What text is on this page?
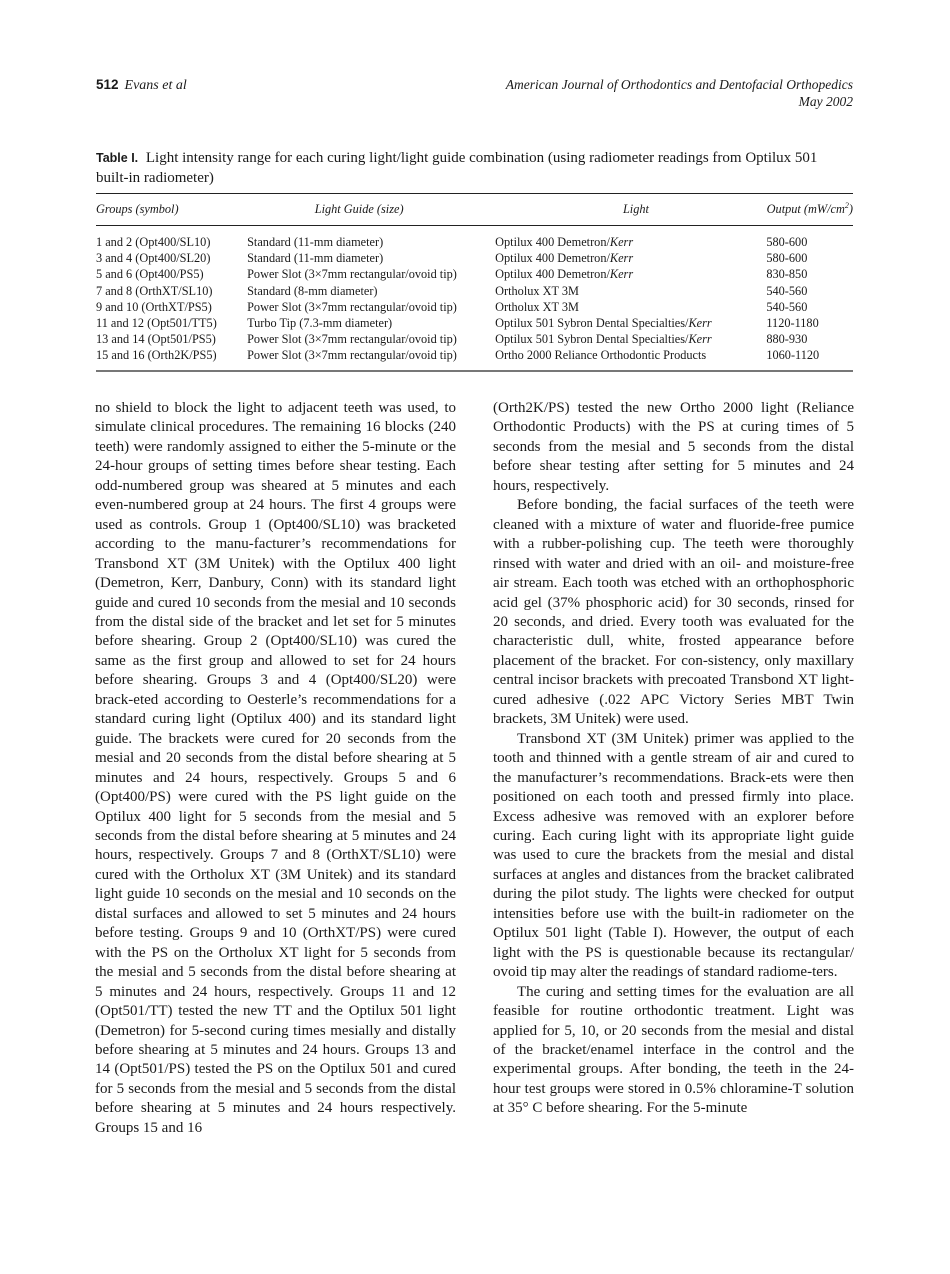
512 Evans et al	American Journal of Orthodontics and Dentofacial Orthopedics
May 2002
Table I. Light intensity range for each curing light/light guide combination (using radiometer readings from Optilux 501 built-in radiometer)
Groups (symbol)	Light Guide (size)	Light	Output $(mW/cm^2)$

1 and 2 (Opt400/SL10)	Standard (11-mm diameter)	Optilux 400 Demetron/Kerr	580-600
3 and 4 (Opt400/SL20)	Standard (11-mm diameter)	Optilux 400 Demetron/Kerr	580-600
5 and 6 (Opt400/PS5)	Power Slot (3×7mm rectangular/ovoid tip)	Optilux 400 Demetron/Kerr	830-850
7 and 8 (OrthXT/SL10)	Standard (8-mm diameter)	Ortholux XT 3M	540-560
9 and 10 (OrthXT/PS5)	Power Slot (3×7mm rectangular/ovoid tip)	Ortholux XT 3M	540-560
11 and 12 (Opt501/TT5)	Turbo Tip (7.3-mm diameter)	Optilux 501 Sybron Dental Specialties/Kerr	1120-1180
13 and 14 (Opt501/PS5)	Power Slot (3×7mm rectangular/ovoid tip)	Optilux 501 Sybron Dental Specialties/Kerr	880-930
15 and 16 (Orth2K/PS5)	Power Slot (3×7mm rectangular/ovoid tip)	Ortho 2000 Reliance Orthodontic Products	1060-1120

no shield to block the light to adjacent teeth was used, to simulate clinical procedures. The remaining 16 blocks (240 teeth) were randomly assigned to either the 5-minute or the 24-hour groups of setting times before shear testing. Each odd-numbered group was sheared at 5 minutes and each even-numbered group at 24 hours. The first 4 groups were used as controls. Group 1 (Opt400/SL10) was bracketed according to the manu-facturer’s recommendations for Transbond XT (3M Unitek) with the Optilux 400 light (Demetron, Kerr, Danbury, Conn) with its standard light guide and cured 10 seconds from the mesial and 10 seconds from the distal side of the bracket and let set for 5 minutes before shearing. Group 2 (Opt400/SL10) was cured the same as the first group and allowed to set for 24 hours before shearing. Groups 3 and 4 (Opt400/SL20) were brack-eted according to Oesterle’s recommendations for a standard curing light (Optilux 400) and its standard light guide. The brackets were cured for 20 seconds from the mesial and 20 seconds from the distal before shearing at 5 minutes and 24 hours, respectively. Groups 5 and 6 (Opt400/PS) were cured with the PS light guide on the Optilux 400 light for 5 seconds from the mesial and 5 seconds from the distal before shearing at 5 minutes and 24 hours, respectively. Groups 7 and 8 (OrthXT/SL10) were cured with the Ortholux XT (3M Unitek) and its standard light guide 10 seconds on the mesial and 10 seconds on the distal surfaces and allowed to set 5 minutes and 24 hours before testing. Groups 9 and 10 (OrthXT/PS) were cured with the PS on the Ortholux XT light for 5 seconds from the mesial and 5 seconds from the distal before shearing at 5 minutes and 24 hours, respectively. Groups 11 and 12 (Opt501/TT) tested the new TT and the Optilux 501 light (Demetron) for 5-second curing times mesially and distally before shearing at 5 minutes and 24 hours. Groups 13 and 14 (Opt501/PS) tested the PS on the Optilux 501 and cured for 5 seconds from the mesial and 5 seconds from the distal before shearing at 5 minutes and 24 hours respectively. Groups 15 and 16

(Orth2K/PS) tested the new Ortho 2000 light (Reliance Orthodontic Products) with the PS at curing times of 5 seconds from the mesial and 5 seconds from the distal before shear testing after setting for 5 minutes and 24 hours, respectively.

Before bonding, the facial surfaces of the teeth were cleaned with a mixture of water and fluoride-free pumice with a rubber-polishing cup. The teeth were thoroughly rinsed with water and dried with an oil- and moisture-free air stream. Each tooth was etched with an orthophosphoric acid gel (37% phosphoric acid) for 30 seconds, rinsed for 20 seconds, and dried. Every tooth was evaluated for the characteristic dull, white, frosted appearance before placement of the bracket. For con-sistency, only maxillary central incisor brackets with precoated Transbond XT light-cured adhesive (.022 APC Victory Series MBT Twin brackets, 3M Unitek) were used.

Transbond XT (3M Unitek) primer was applied to the tooth and thinned with a gentle stream of air and cured to the manufacturer’s recommendations. Brack-ets were then positioned on each tooth and pressed firmly into place. Excess adhesive was removed with an explorer before curing. Each curing light with its appropriate light guide was used to cure the brackets from the mesial and distal surfaces at angles and distances from the bracket calibrated during the pilot study. The lights were checked for output intensities before use with the built-in radiometer on the Optilux 501 light (Table I). However, the output of each light with the PS is questionable because its rectangular/ ovoid tip may alter the readings of standard radiome-ters.

The curing and setting times for the evaluation are all feasible for routine orthodontic treatment. Light was applied for 5, 10, or 20 seconds from the mesial and distal of the bracket/enamel interface in the control and the experimental groups. After bonding, the teeth in the 24-hour test groups were stored in 0.5% chloramine-T solution at 35° C before shearing. For the 5-minute
